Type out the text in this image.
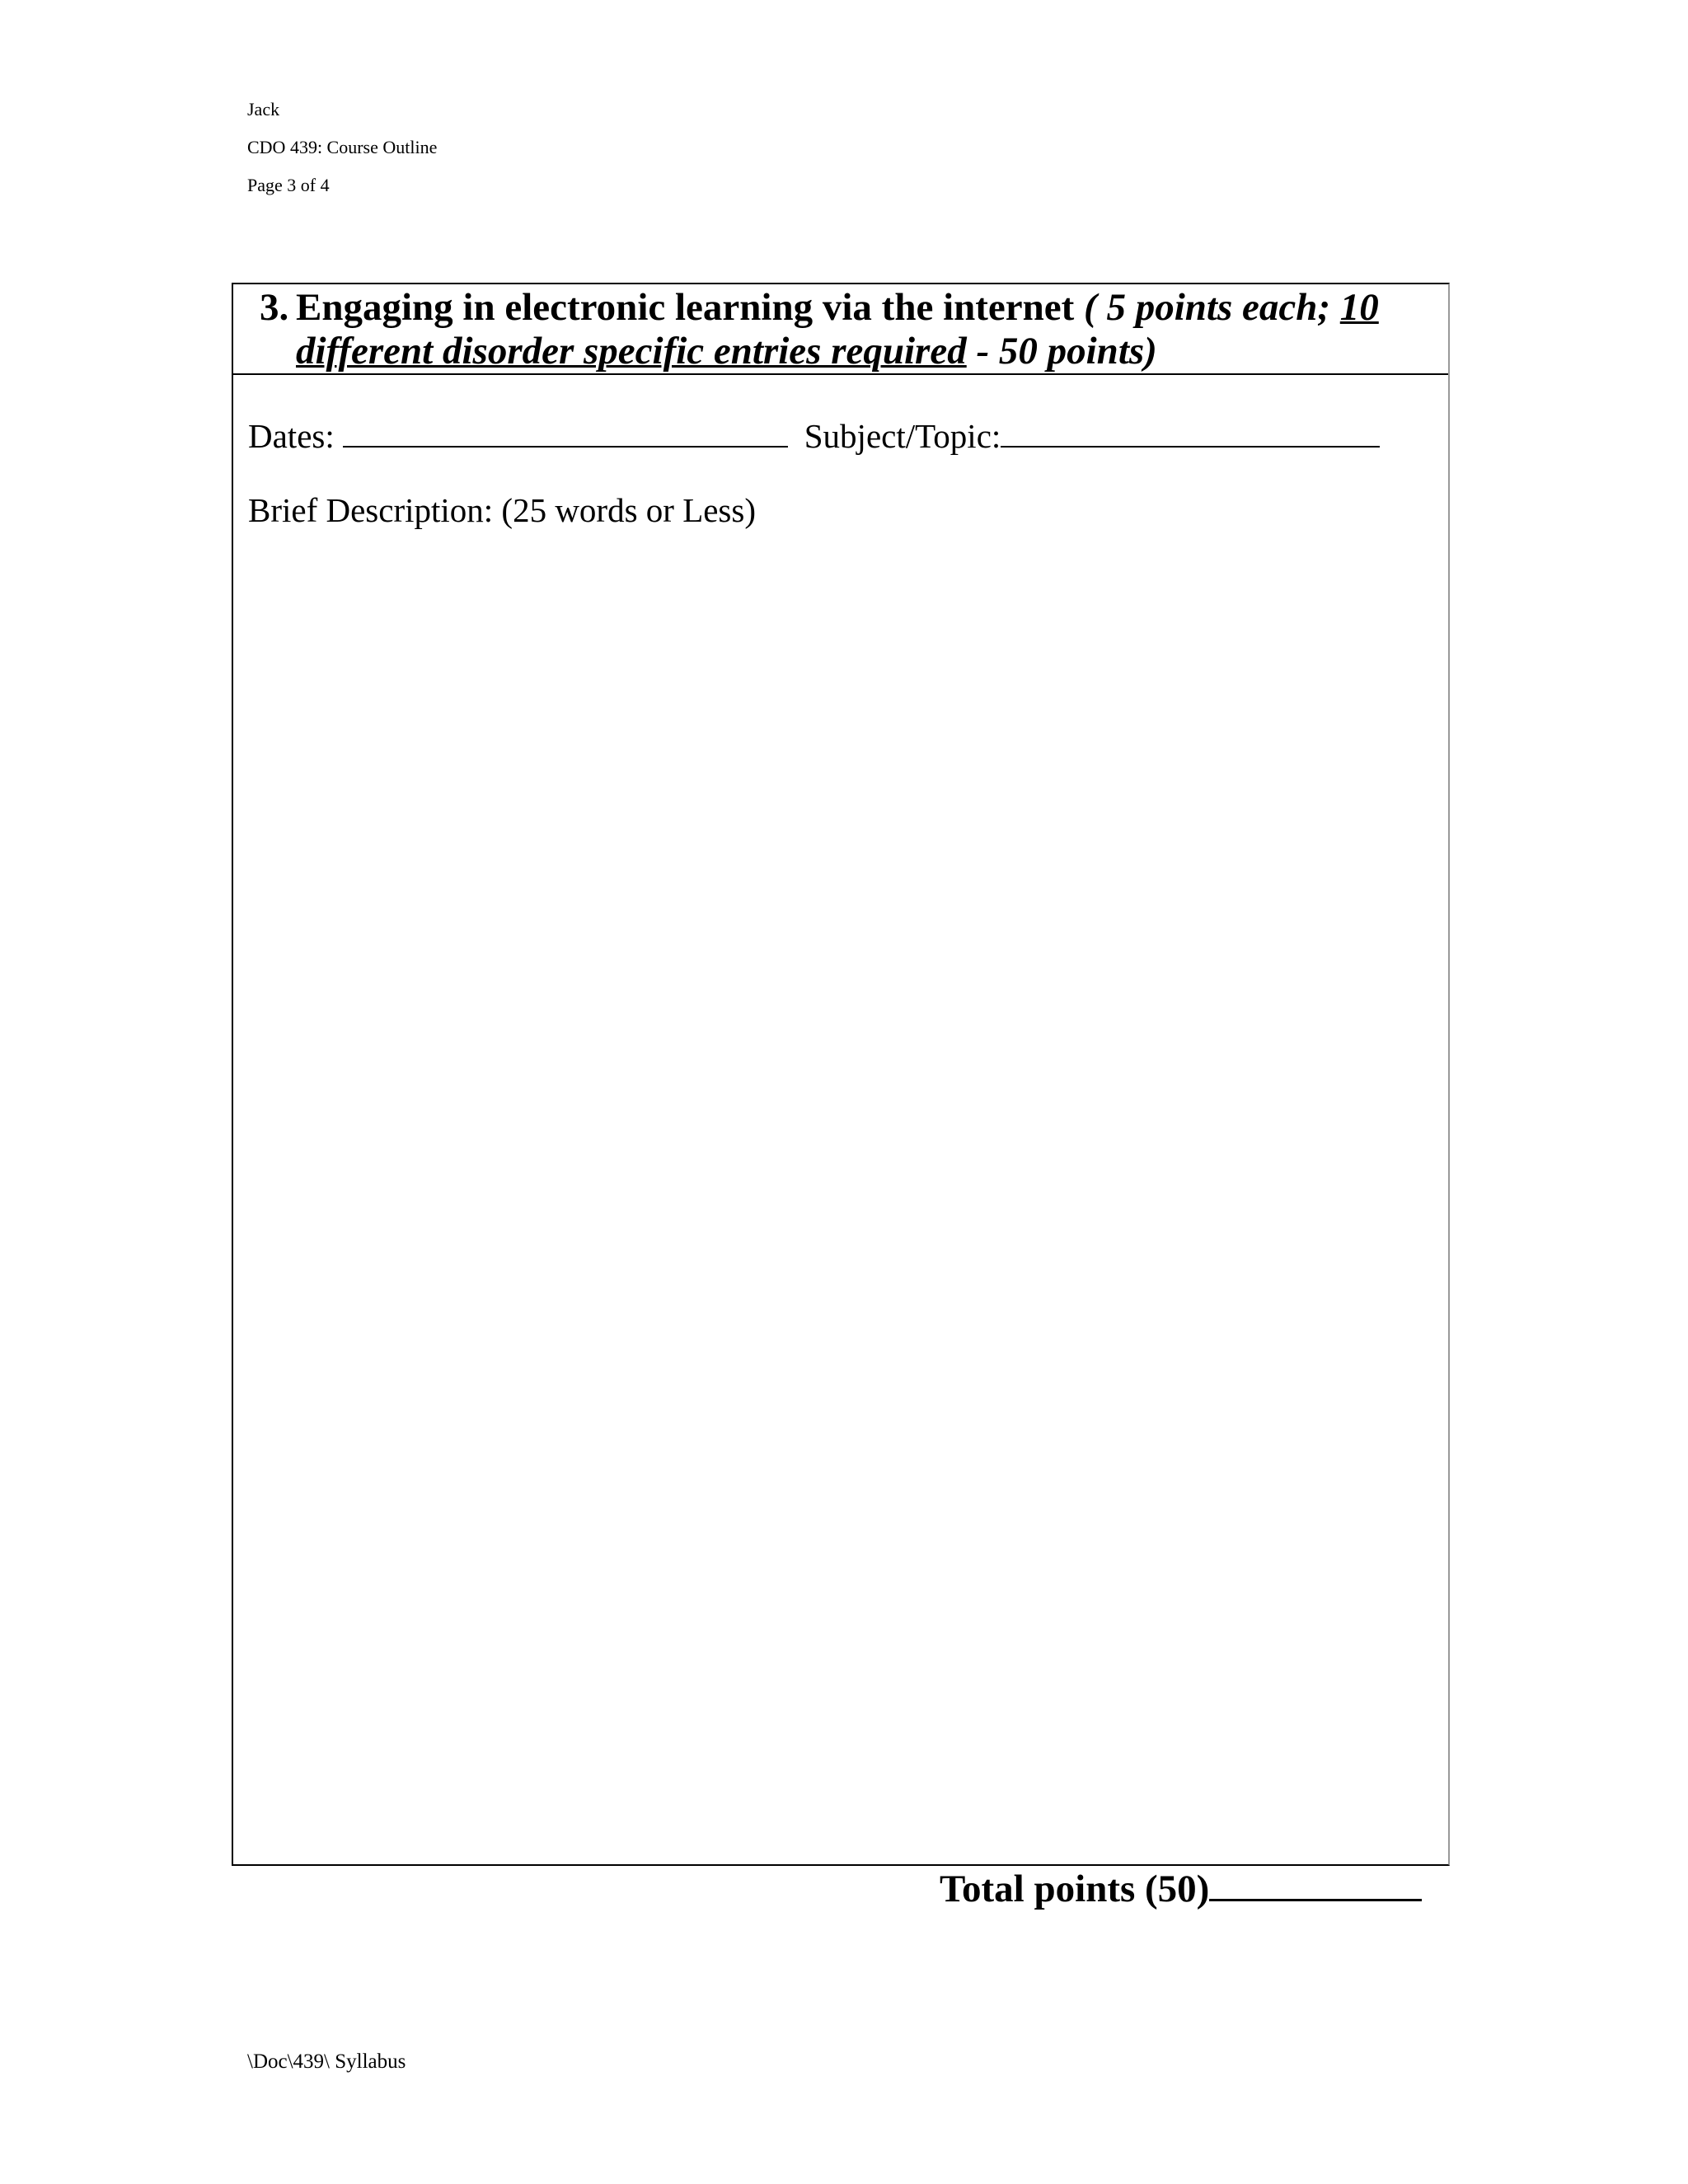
Jack
CDO 439: Course Outline
Page 3 of 4
3. Engaging in electronic learning via the internet ( 5 points each; 10
different disorder specific entries required - 50 points)
Dates:	Subject/Topic:
Brief Description: (25 words or Less)
Total points (50)
\Doc\439\ Syllabus
